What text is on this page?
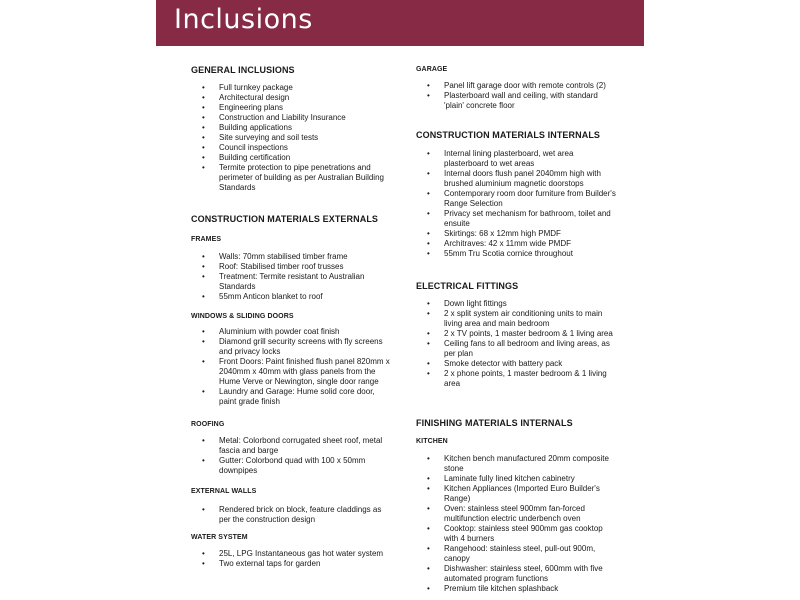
Inclusions
GENERAL INCLUSIONS
• Full turnkey package
• Architectural design
• Engineering plans
• Construction and Liability Insurance
• Building applications
• Site surveying and soil tests
• Council inspections
• Building certification
• Termite protection to pipe penetrations and perimeter of building as per Australian Building Standards
CONSTRUCTION MATERIALS EXTERNALS
FRAMES
• Walls: 70mm stabilised timber frame
• Roof: Stabilised timber roof trusses
• Treatment: Termite resistant to Australian Standards
• 55mm Anticon blanket to roof
WINDOWS & SLIDING DOORS
• Aluminium with powder coat finish
• Diamond grill security screens with fly screens and privacy locks
• Front Doors: Paint finished flush panel 820mm x 2040mm x 40mm with glass panels from the Hume Verve or Newington, single door range
• Laundry and Garage: Hume solid core door, paint grade finish
ROOFING
• Metal: Colorbond corrugated sheet roof, metal fascia and barge
• Gutter: Colorbond quad with 100 x 50mm downpipes
EXTERNAL WALLS
• Rendered brick on block, feature claddings as per the construction design
WATER SYSTEM
• 25L, LPG Instantaneous gas hot water system
• Two external taps for garden
GARAGE
• Panel lift garage door with remote controls (2)
• Plasterboard wall and ceiling, with standard 'plain' concrete floor
CONSTRUCTION MATERIALS INTERNALS
• Internal lining plasterboard, wet area plasterboard to wet areas
• Internal doors flush panel 2040mm high with brushed aluminium magnetic doorstops
• Contemporary room door furniture from Builder's Range Selection
• Privacy set mechanism for bathroom, toilet and ensuite
• Skirtings: 68 x 12mm high PMDF
• Architraves: 42 x 11mm wide PMDF
• 55mm Tru Scotia cornice throughout
ELECTRICAL FITTINGS
• Down light fittings
• 2 x split system air conditioning units to main living area and main bedroom
• 2 x TV points, 1 master bedroom & 1 living area
• Ceiling fans to all bedroom and living areas, as per plan
• Smoke detector with battery pack
• 2 x phone points, 1 master bedroom & 1 living area
FINISHING MATERIALS INTERNALS
KITCHEN
• Kitchen bench manufactured 20mm composite stone
• Laminate fully lined kitchen cabinetry
• Kitchen Appliances (Imported Euro Builder's Range)
• Oven: stainless steel 900mm fan-forced multifunction electric underbench oven
• Cooktop: stainless steel 900mm gas cooktop with 4 burners
• Rangehood: stainless steel, pull-out 900m, canopy
• Dishwasher: stainless steel, 600mm with five automated program functions
• Premium tile kitchen splashback
